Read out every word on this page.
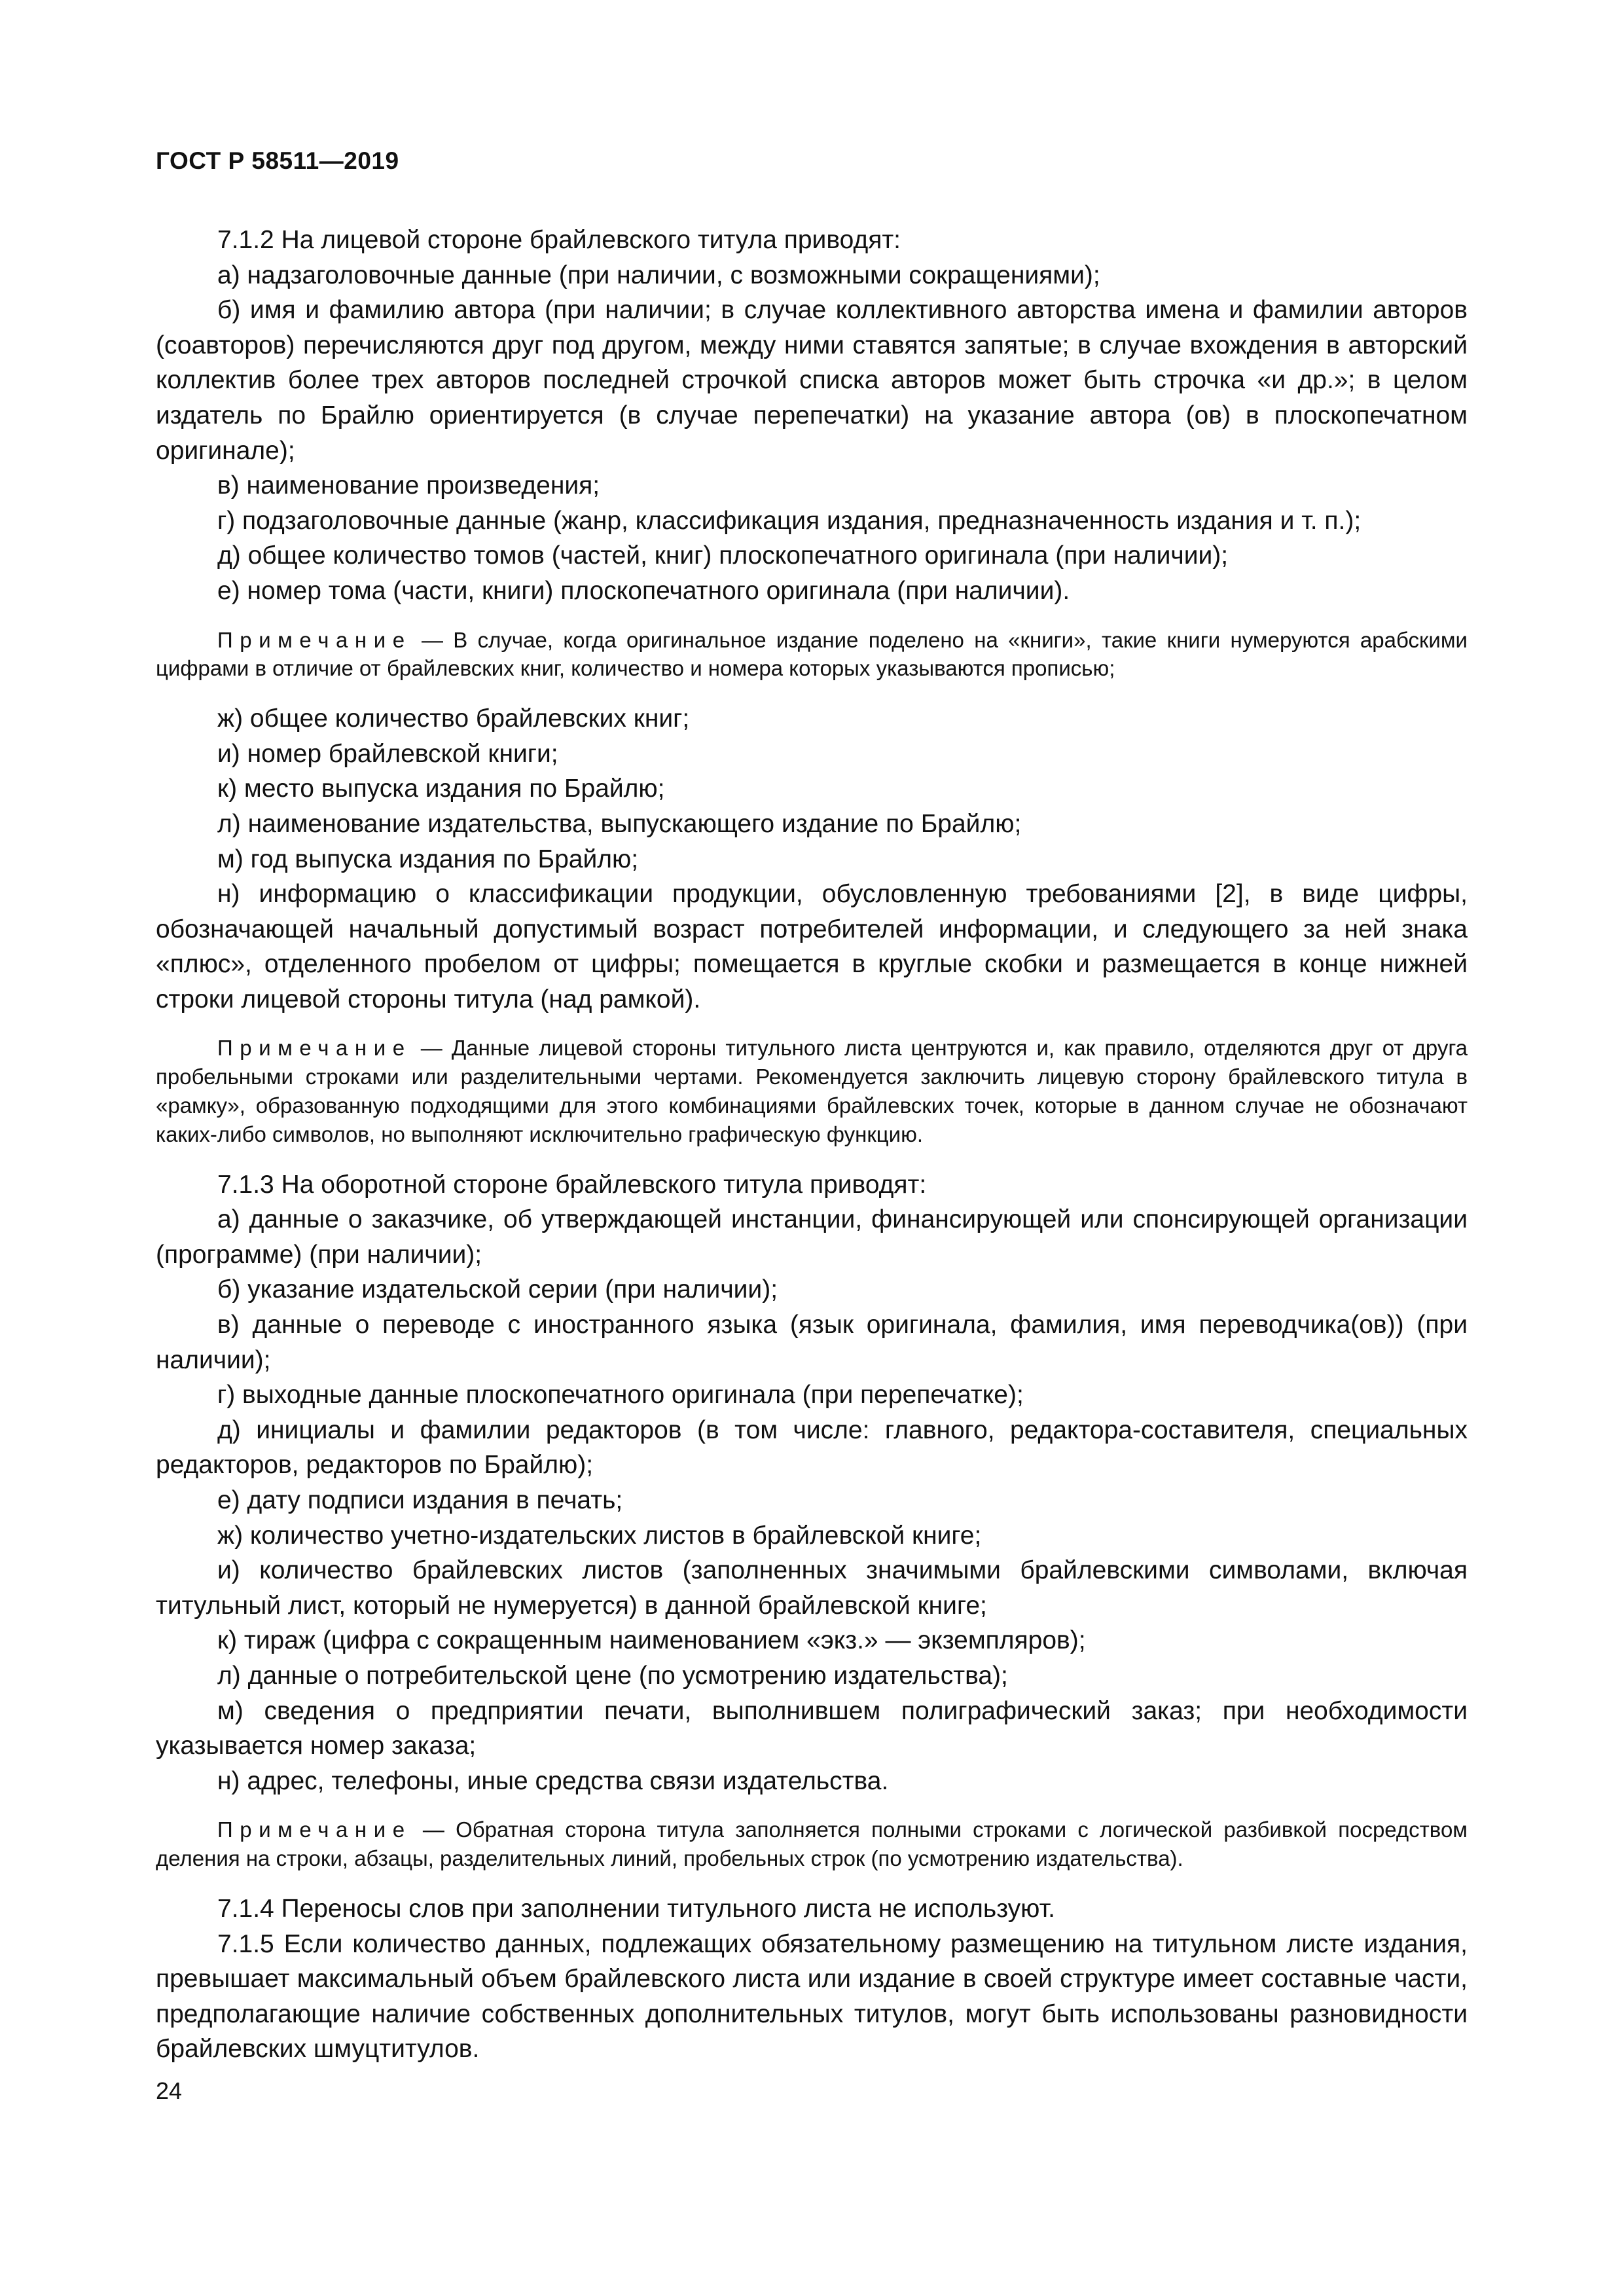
ГОСТ Р 58511—2019

7.1.2 На лицевой стороне брайлевского титула приводят:

а) надзаголовочные данные (при наличии, с возможными сокращениями);

б) имя и фамилию автора (при наличии; в случае коллективного авторства имена и фамилии авторов (соавторов) перечисляются друг под другом, между ними ставятся запятые; в случае вхождения в авторский коллектив более трех авторов последней строчкой списка авторов может быть строчка «и др.»; в целом издатель по Брайлю ориентируется (в случае перепечатки) на указание автора (ов) в плоскопечатном оригинале);

в) наименование произведения;

г) подзаголовочные данные (жанр, классификация издания, предназначенность издания и т. п.);

д) общее количество томов (частей, книг) плоскопечатного оригинала (при наличии);

е) номер тома (части, книги) плоскопечатного оригинала (при наличии).

Примечание — В случае, когда оригинальное издание поделено на «книги», такие книги нумеруются арабскими цифрами в отличие от брайлевских книг, количество и номера которых указываются прописью;

ж) общее количество брайлевских книг;

и) номер брайлевской книги;

к) место выпуска издания по Брайлю;

л) наименование издательства, выпускающего издание по Брайлю;

м) год выпуска издания по Брайлю;

н) информацию о классификации продукции, обусловленную требованиями [2], в виде цифры, обозначающей начальный допустимый возраст потребителей информации, и следующего за ней знака «плюс», отделенного пробелом от цифры; помещается в круглые скобки и размещается в конце нижней строки лицевой стороны титула (над рамкой).

Примечание — Данные лицевой стороны титульного листа центруются и, как правило, отделяются друг от друга пробельными строками или разделительными чертами. Рекомендуется заключить лицевую сторону брайлевского титула в «рамку», образованную подходящими для этого комбинациями брайлевских точек, которые в данном случае не обозначают каких-либо символов, но выполняют исключительно графическую функцию.

7.1.3 На оборотной стороне брайлевского титула приводят:

а) данные о заказчике, об утверждающей инстанции, финансирующей или спонсирующей организации (программе) (при наличии);

б) указание издательской серии (при наличии);

в) данные о переводе с иностранного языка (язык оригинала, фамилия, имя переводчика(ов)) (при наличии);

г) выходные данные плоскопечатного оригинала (при перепечатке);

д) инициалы и фамилии редакторов (в том числе: главного, редактора-составителя, специальных редакторов, редакторов по Брайлю);

е) дату подписи издания в печать;

ж) количество учетно-издательских листов в брайлевской книге;

и) количество брайлевских листов (заполненных значимыми брайлевскими символами, включая титульный лист, который не нумеруется) в данной брайлевской книге;

к) тираж (цифра с сокращенным наименованием «экз.» — экземпляров);

л) данные о потребительской цене (по усмотрению издательства);

м) сведения о предприятии печати, выполнившем полиграфический заказ; при необходимости указывается номер заказа;

н) адрес, телефоны, иные средства связи издательства.

Примечание — Обратная сторона титула заполняется полными строками с логической разбивкой посредством деления на строки, абзацы, разделительных линий, пробельных строк (по усмотрению издательства).

7.1.4 Переносы слов при заполнении титульного листа не используют.

7.1.5 Если количество данных, подлежащих обязательному размещению на титульном листе издания, превышает максимальный объем брайлевского листа или издание в своей структуре имеет составные части, предполагающие наличие собственных дополнительных титулов, могут быть использованы разновидности брайлевских шмуцтитулов.

24
